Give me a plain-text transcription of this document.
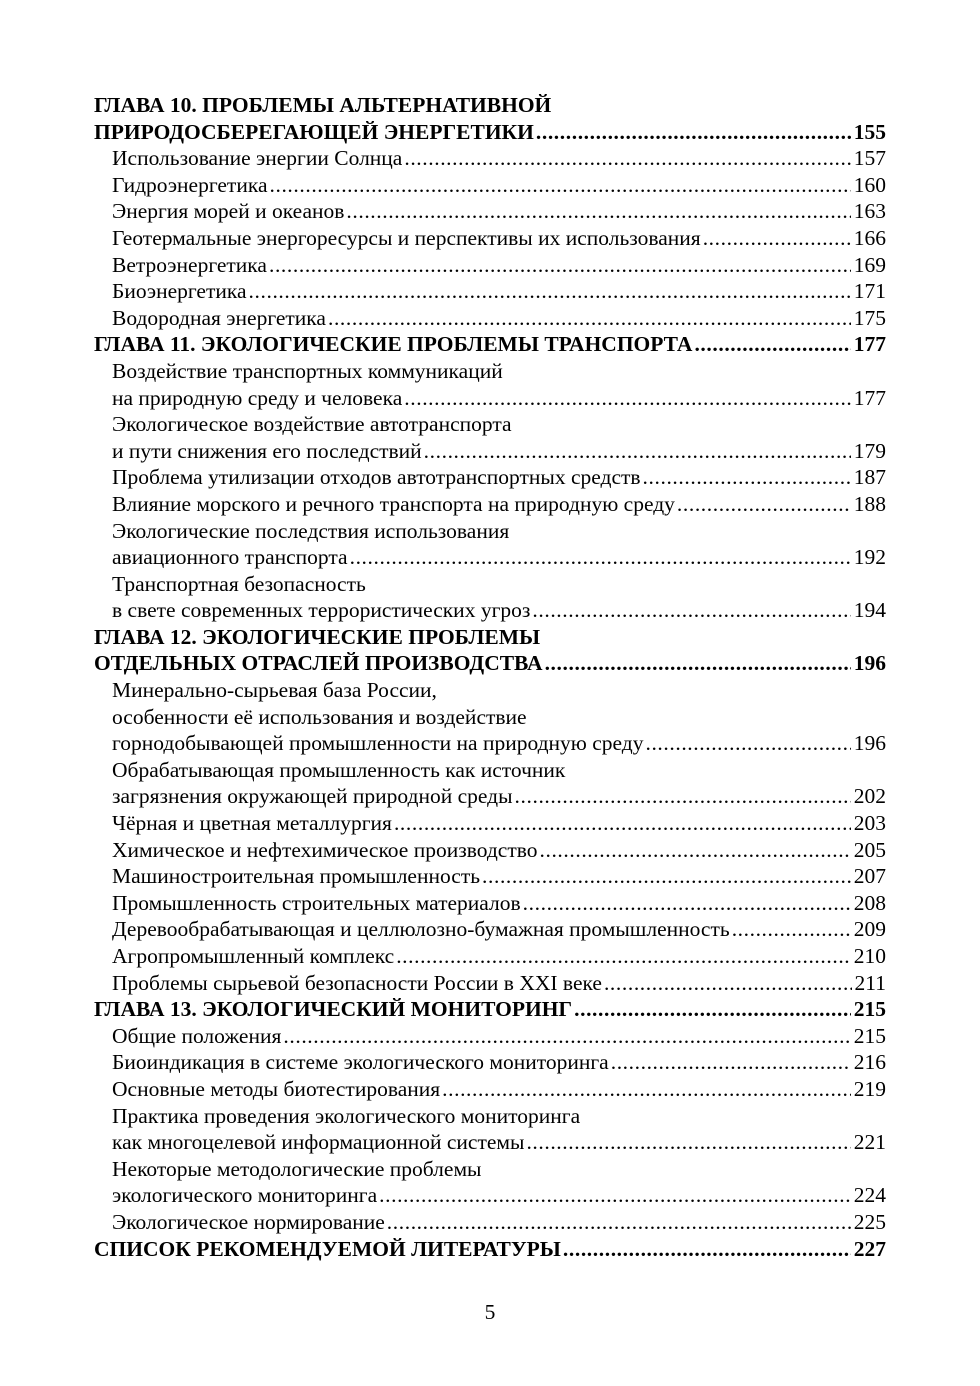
ГЛАВА 10. ПРОБЛЕМЫ АЛЬТЕРНАТИВНОЙ
ПРИРОДОСБЕРЕГАЮЩЕЙ ЭНЕРГЕТИКИ .....	155
Использование энергии Солнца .....	157
Гидроэнергетика .....	160
Энергия морей и океанов .....	163
Геотермальные энергоресурсы и перспективы их использования .....	166
Ветроэнергетика .....	169
Биоэнергетика .....	171
Водородная энергетика .....	175
ГЛАВА 11. ЭКОЛОГИЧЕСКИЕ ПРОБЛЕМЫ ТРАНСПОРТА .....	177
Воздействие транспортных коммуникаций
на природную среду и человека .....	177
Экологическое воздействие автотранспорта
и пути снижения его последствий .....	179
Проблема утилизации отходов автотранспортных средств .....	187
Влияние морского и речного транспорта на природную среду .....	188
Экологические последствия использования
авиационного транспорта .....	192
Транспортная безопасность
в свете современных террористических угроз .....	194
ГЛАВА 12. ЭКОЛОГИЧЕСКИЕ ПРОБЛЕМЫ
ОТДЕЛЬНЫХ ОТРАСЛЕЙ ПРОИЗВОДСТВА .....	196
Минерально-сырьевая база России,
особенности её использования и воздействие
горнодобывающей промышленности на природную среду .....	196
Обрабатывающая промышленность как источник
загрязнения окружающей природной среды .....	202
Чёрная и цветная металлургия .....	203
Химическое и нефтехимическое производство .....	205
Машиностроительная промышленность .....	207
Промышленность строительных материалов .....	208
Деревообрабатывающая и целлюлозно-бумажная промышленность .....	209
Агропромышленный комплекс .....	210
Проблемы сырьевой безопасности России в XXI веке .....	211
ГЛАВА 13. ЭКОЛОГИЧЕСКИЙ МОНИТОРИНГ .....	215
Общие положения .....	215
Биоиндикация в системе экологического мониторинга .....	216
Основные методы биотестирования .....	219
Практика проведения экологического мониторинга
как многоцелевой информационной системы .....	221
Некоторые методологические проблемы
экологического мониторинга .....	224
Экологическое нормирование .....	225
СПИСОК РЕКОМЕНДУЕМОЙ ЛИТЕРАТУРЫ .....	227
5
